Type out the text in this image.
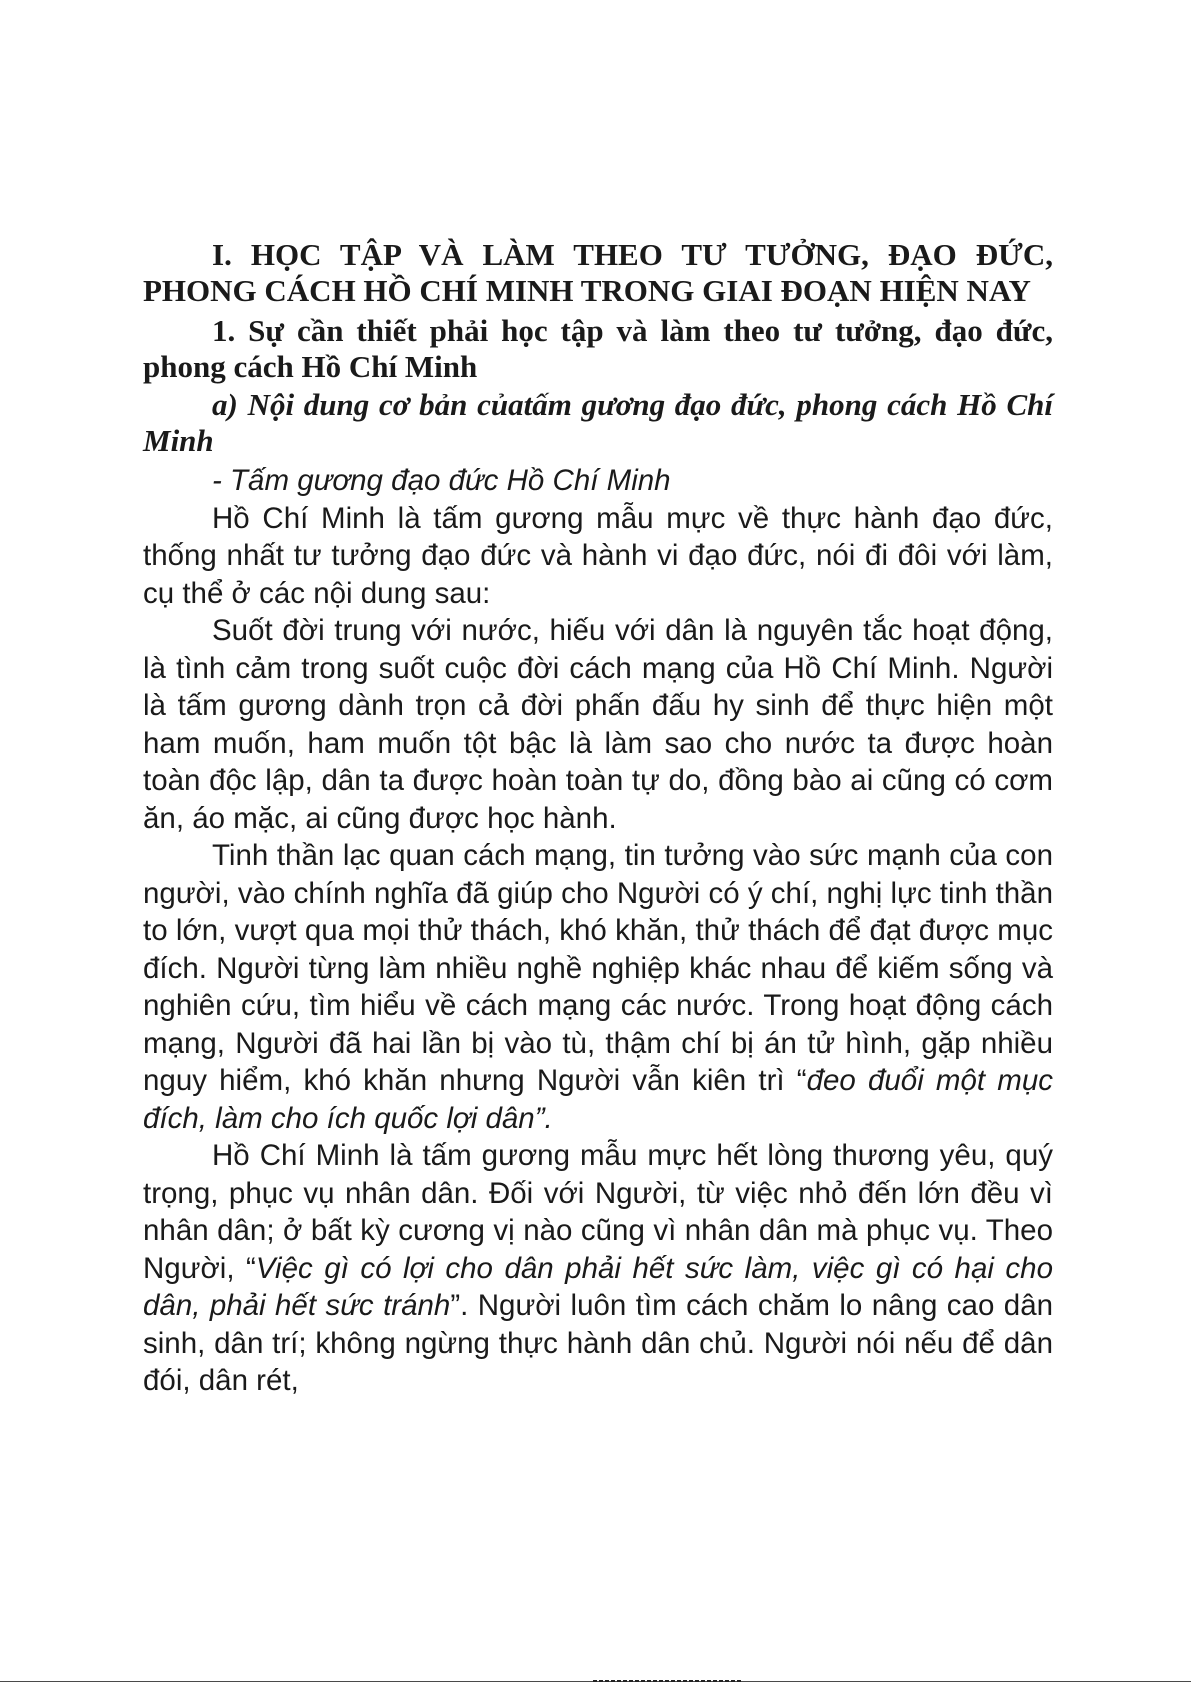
I. HỌC TẬP VÀ LÀM THEO TƯ TƯỞNG, ĐẠO ĐỨC, PHONG CÁCH HỒ CHÍ MINH TRONG GIAI ĐOẠN HIỆN NAY

1. Sự cần thiết phải học tập và làm theo tư tưởng, đạo đức, phong cách Hồ Chí Minh

a) Nội dung cơ bản củatấm gương đạo đức, phong cách Hồ Chí Minh

- Tấm gương đạo đức Hồ Chí Minh

Hồ Chí Minh là tấm gương mẫu mực về thực hành đạo đức, thống nhất tư tưởng đạo đức và hành vi đạo đức, nói đi đôi với làm, cụ thể ở các nội dung sau:

Suốt đời trung với nước, hiếu với dân là nguyên tắc hoạt động, là tình cảm trong suốt cuộc đời cách mạng của Hồ Chí Minh. Người là tấm gương dành trọn cả đời phấn đấu hy sinh để thực hiện một ham muốn, ham muốn tột bậc là làm sao cho nước ta được hoàn toàn độc lập, dân ta được hoàn toàn tự do, đồng bào ai cũng có cơm ăn, áo mặc, ai cũng được học hành.

Tinh thần lạc quan cách mạng, tin tưởng vào sức mạnh của con người, vào chính nghĩa đã giúp cho Người có ý chí, nghị lực tinh thần to lớn, vượt qua mọi thử thách, khó khăn, thử thách để đạt được mục đích. Người từng làm nhiều nghề nghiệp khác nhau để kiếm sống và nghiên cứu, tìm hiểu về cách mạng các nước. Trong hoạt động cách mạng, Người đã hai lần bị vào tù, thậm chí bị án tử hình, gặp nhiều nguy hiểm, khó khăn nhưng Người vẫn kiên trì “đeo đuổi một mục đích, làm cho ích quốc lợi dân”.

Hồ Chí Minh là tấm gương mẫu mực hết lòng thương yêu, quý trọng, phục vụ nhân dân. Đối với Người, từ việc nhỏ đến lớn đều vì nhân dân; ở bất kỳ cương vị nào cũng vì nhân dân mà phục vụ. Theo Người, “Việc gì có lợi cho dân phải hết sức làm, việc gì có hại cho dân, phải hết sức tránh”. Người luôn tìm cách chăm lo nâng cao dân sinh, dân trí; không ngừng thực hành dân chủ. Người nói nếu để dân đói, dân rét,
